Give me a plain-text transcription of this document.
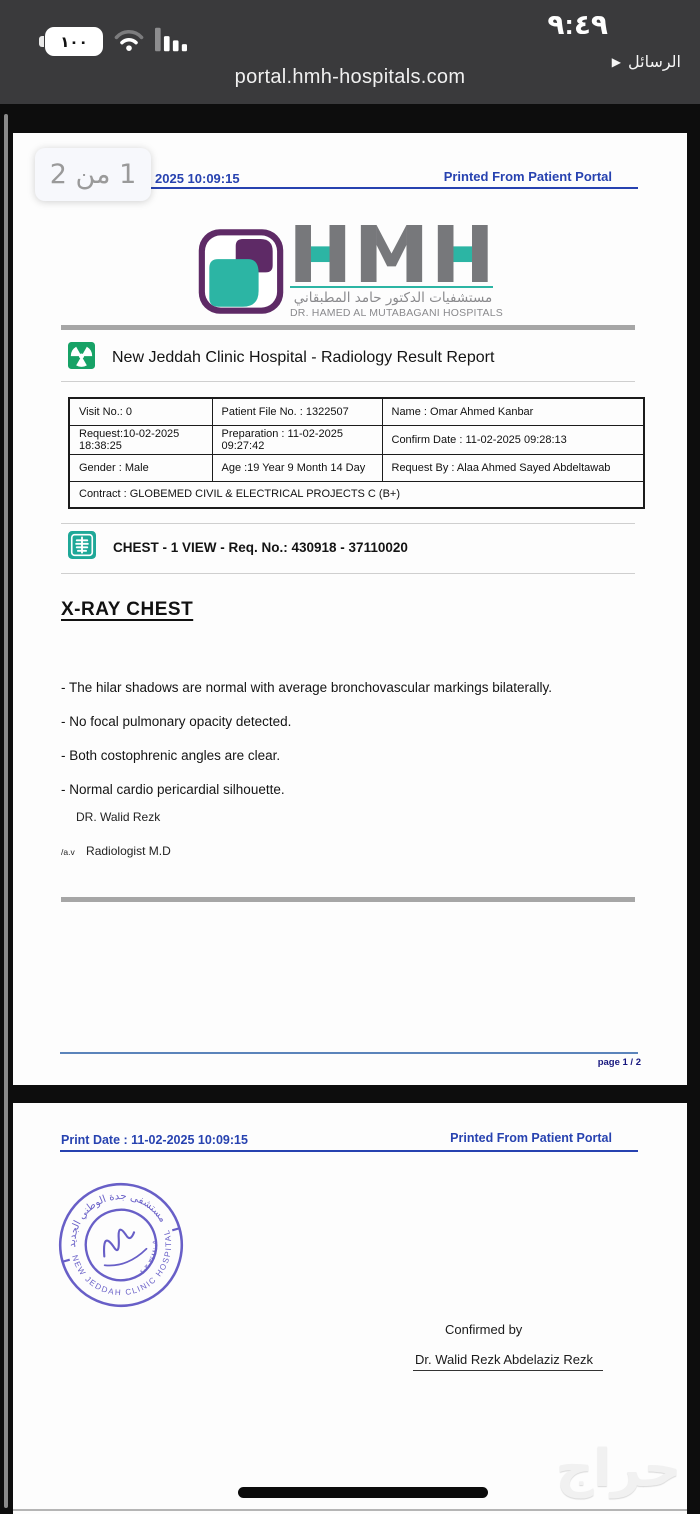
١٠٠
٩:٤٩
▶ الرسائل
portal.hmh-hospitals.com
1 من 2 2025 10:09:15	Printed From Patient Portal
مستشفيات الدكتور حامد المطبقاني
DR. HAMED AL MUTABAGANI HOSPITALS
New Jeddah Clinic Hospital - Radiology Result Report
Visit No.: 0	Patient File No. : 1322507	Name : Omar Ahmed Kanbar
Request:10-02-2025 18:38:25	Preparation : 11-02-2025 09:27:42	Confirm Date : 11-02-2025 09:28:13
Gender : Male	Age :19 Year 9 Month 14 Day	Request By : Alaa Ahmed Sayed Abdeltawab
Contract : GLOBEMED CIVIL & ELECTRICAL PROJECTS C (B+)		
CHEST - 1 VIEW - Req. No.: 430918 - 37110020
X-RAY CHEST

- The hilar shadows are normal with average bronchovascular markings bilaterally.

- No focal pulmonary opacity detected.

- Both costophrenic angles are clear.

- Normal cardio pericardial silhouette.

DR. Walid Rezk
/a.v Radiologist M.D
page 1 / 2
Print Date : 11-02-2025 10:09:15	Printed From Patient Portal
مستشفى جدة الوطني الجديد
NEW JEDDAH CLINIC HOSPITAL
٤٠٣٠٣٤٨٨:٠٥
Confirmed by
Dr. Walid Rezk Abdelaziz Rezk
حراج
